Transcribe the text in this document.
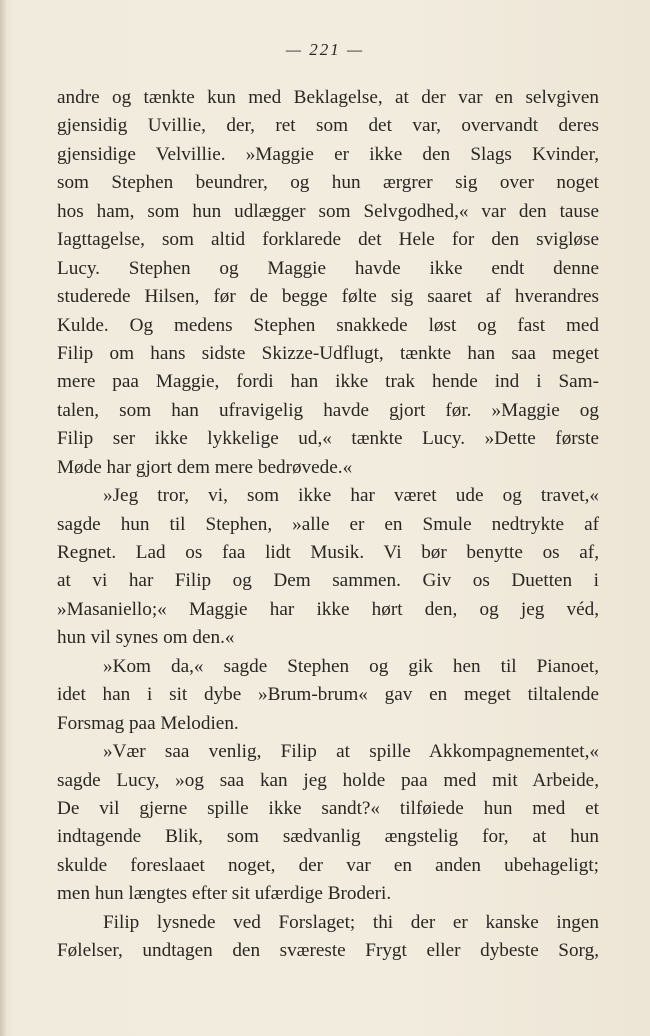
— 221 —
andre og tænkte kun med Beklagelse, at der var en selvgiven
gjensidig Uvillie, der, ret som det var, overvandt deres
gjensidige Velvillie. »Maggie er ikke den Slags Kvinder,
som Stephen beundrer, og hun ærgrer sig over noget
hos ham, som hun udlægger som Selvgodhed,« var den tause
Iagttagelse, som altid forklarede det Hele for den svigløse
Lucy. Stephen og Maggie havde ikke endt denne
studerede Hilsen, før de begge følte sig saaret af hverandres
Kulde. Og medens Stephen snakkede løst og fast med
Filip om hans sidste Skizze-Udflugt, tænkte han saa meget
mere paa Maggie, fordi han ikke trak hende ind i Sam-
talen, som han ufravigelig havde gjort før. »Maggie og
Filip ser ikke lykkelige ud,« tænkte Lucy. »Dette første
Møde har gjort dem mere bedrøvede.«
»Jeg tror, vi, som ikke har været ude og travet,«
sagde hun til Stephen, »alle er en Smule nedtrykte af
Regnet. Lad os faa lidt Musik. Vi bør benytte os af,
at vi har Filip og Dem sammen. Giv os Duetten i
»Masaniello;« Maggie har ikke hørt den, og jeg véd,
hun vil synes om den.«
»Kom da,« sagde Stephen og gik hen til Pianoet,
idet han i sit dybe »Brum-brum« gav en meget tiltalende
Forsmag paa Melodien.
»Vær saa venlig, Filip at spille Akkompagnementet,«
sagde Lucy, »og saa kan jeg holde paa med mit Arbeide,
De vil gjerne spille ikke sandt?« tilføiede hun med et
indtagende Blik, som sædvanlig ængstelig for, at hun
skulde foreslaaet noget, der var en anden ubehageligt;
men hun længtes efter sit ufærdige Broderi.
Filip lysnede ved Forslaget; thi der er kanske ingen
Følelser, undtagen den sværeste Frygt eller dybeste Sorg,
